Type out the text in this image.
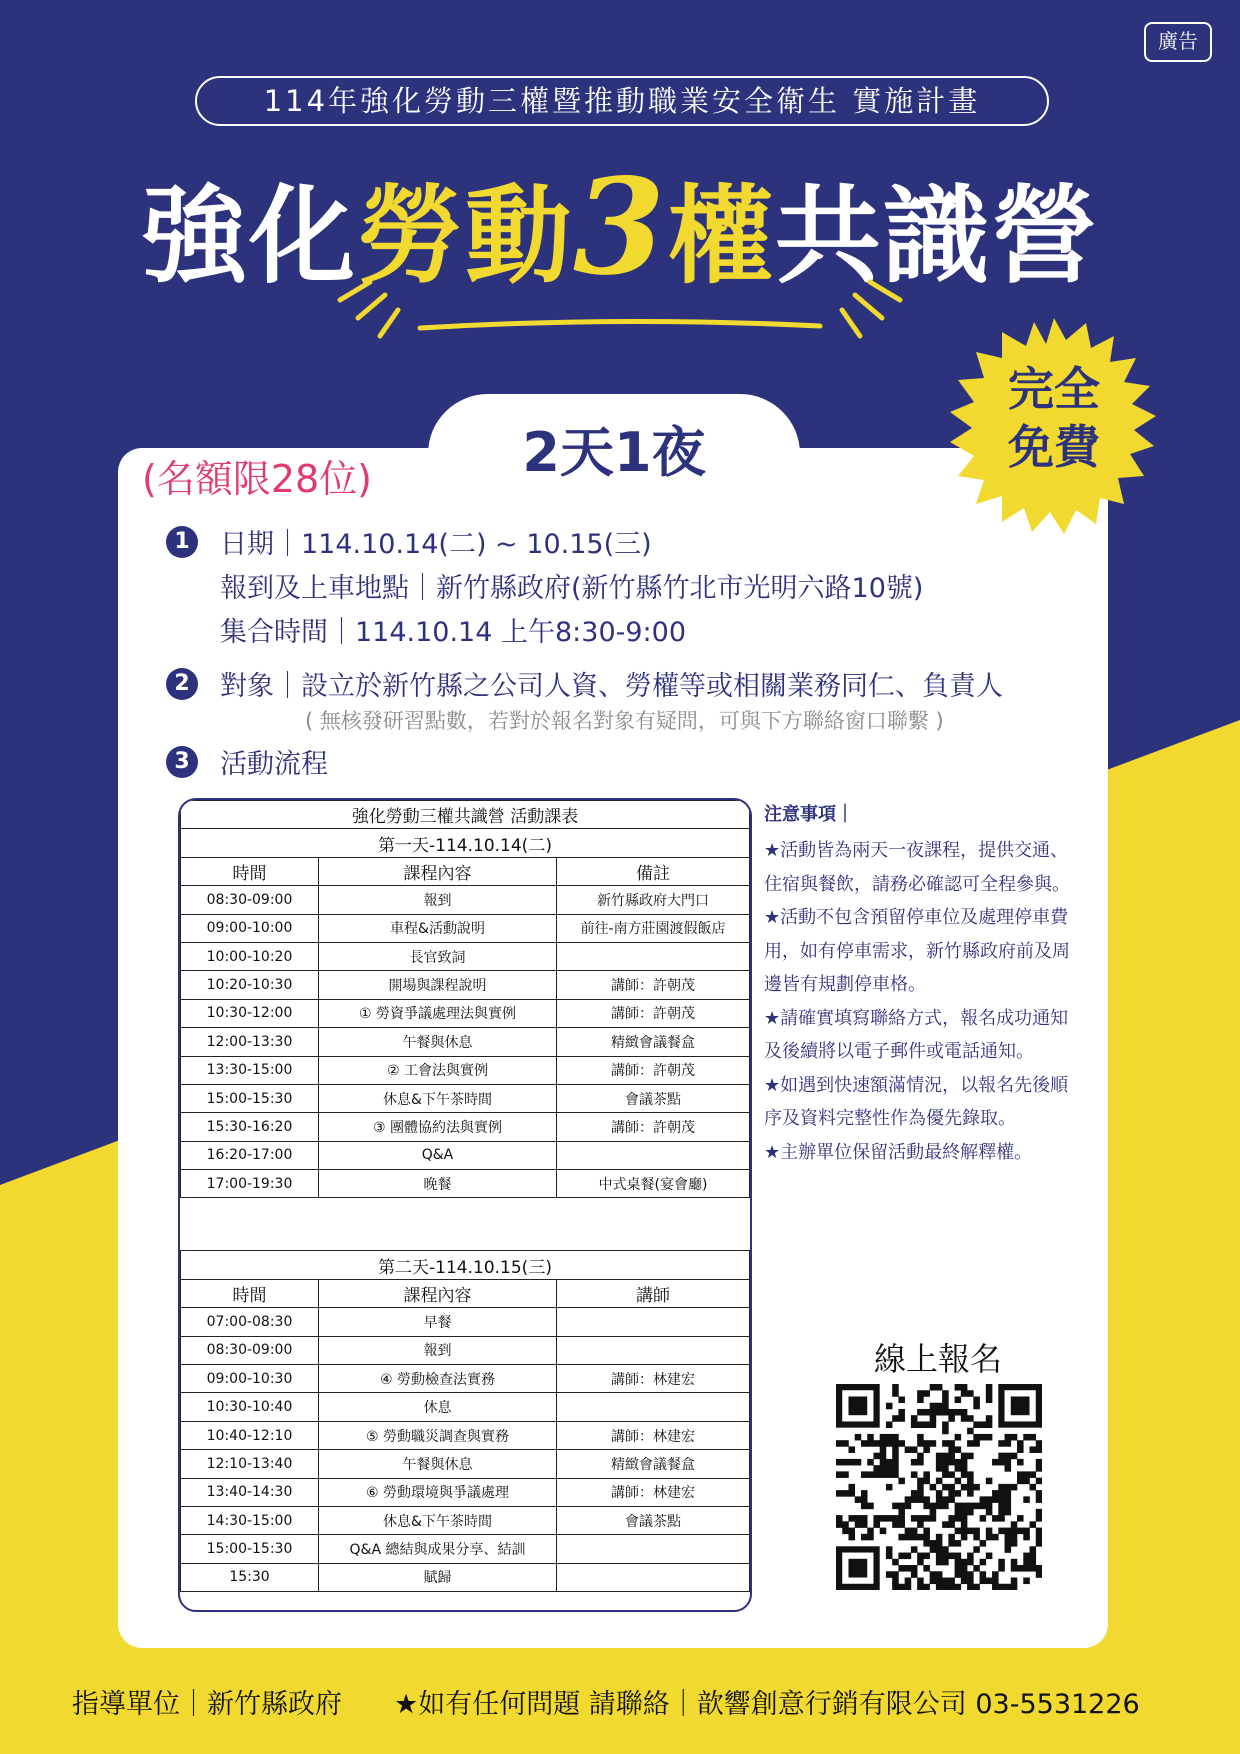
廣告
114年強化勞動三權暨推動職業安全衛生 實施計畫
強化勞動3權共識營
2天1夜
(名額限28位)
完全
免費
1	日期｜114.10.14(二) ~ 10.15(三)
報到及上車地點｜新竹縣政府(新竹縣竹北市光明六路10號)
集合時間｜114.10.14 上午8:30-9:00
2	對象｜設立於新竹縣之公司人資、勞權等或相關業務同仁、負責人
( 無核發研習點數，若對於報名對象有疑問，可與下方聯絡窗口聯繫 )
3	活動流程
強化勞動三權共識營 活動課表		
第一天-114.10.14(二)		
時間	課程內容	備註
08:30-09:00	報到	新竹縣政府大門口
09:00-10:00	車程&活動說明	前往-南方莊園渡假飯店
10:00-10:20	長官致詞	
10:20-10:30	開場與課程說明	講師：許朝茂
10:30-12:00	① 勞資爭議處理法與實例	講師：許朝茂
12:00-13:30	午餐與休息	精緻會議餐盒
13:30-15:00	② 工會法與實例	講師：許朝茂
15:00-15:30	休息&下午茶時間	會議茶點
15:30-16:20	③ 團體協約法與實例	講師：許朝茂
16:20-17:00	Q&A	
17:00-19:30	晚餐	中式桌餐(宴會廳)

第二天-114.10.15(三)		
時間	課程內容	講師
07:00-08:30	早餐	
08:30-09:00	報到	
09:00-10:30	④ 勞動檢查法實務	講師：林建宏
10:30-10:40	休息	
10:40-12:10	⑤ 勞動職災調查與實務	講師：林建宏
12:10-13:40	午餐與休息	精緻會議餐盒
13:40-14:30	⑥ 勞動環境與爭議處理	講師：林建宏
14:30-15:00	休息&下午茶時間	會議茶點
15:00-15:30	Q&A 總結與成果分享、結訓	
15:30	賦歸	
注意事項｜

★活動皆為兩天一夜課程，提供交通、住宿與餐飲，請務必確認可全程參與。

★活動不包含預留停車位及處理停車費用，如有停車需求，新竹縣政府前及周邊皆有規劃停車格。

★請確實填寫聯絡方式，報名成功通知及後續將以電子郵件或電話通知。

★如遇到快速額滿情況，以報名先後順序及資料完整性作為優先錄取。

★主辦單位保留活動最終解釋權。

線上報名
指導單位｜新竹縣政府 ★如有任何問題 請聯絡｜歆響創意行銷有限公司 03-5531226
